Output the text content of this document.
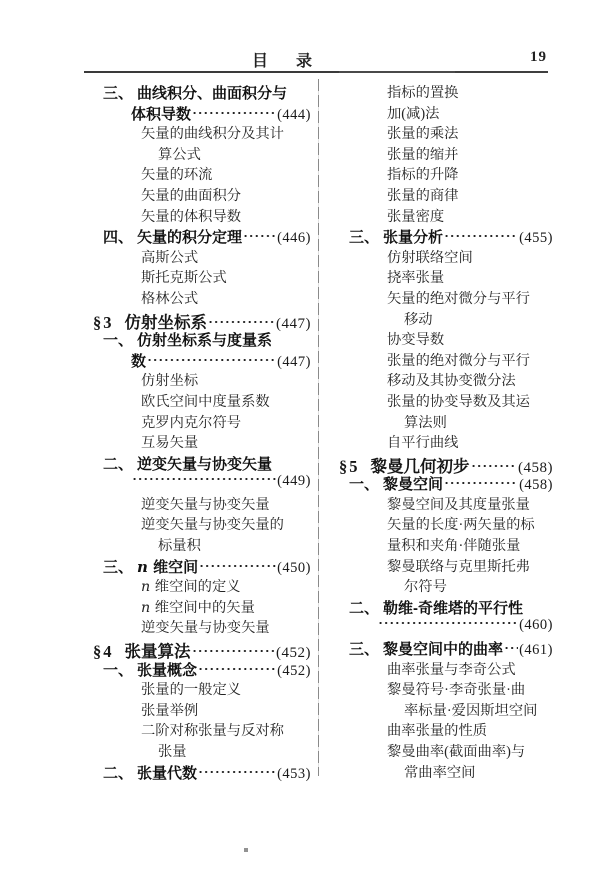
目　录	19
三、 曲线积分、曲面积分与
体积导数	(444)
矢量的曲线积分及其计
算公式
矢量的环流
矢量的曲面积分
矢量的体积导数
四、 矢量的积分定理 (446)
高斯公式
斯托克斯公式
格林公式
§3 仿射坐标系	(447)
一、 仿射坐标系与度量系
数	(447)
仿射坐标
欧氏空间中度量系数
克罗内克尔符号
互易矢量
二、 逆变矢量与协变矢量
(449)
逆变矢量与协变矢量
逆变矢量与协变矢量的
标量积
三、 n 维空间	(450)
n 维空间的定义
n 维空间中的矢量
逆变矢量与协变矢量
§4 张量算法	(452)
一、 张量概念	(452)
张量的一般定义
张量举例
二阶对称张量与反对称
张量
二、 张量代数	(453)
指标的置换
加(减)法
张量的乘法
张量的缩并
指标的升降
张量的商律
张量密度
三、 张量分析	(455)
仿射联络空间
挠率张量
矢量的绝对微分与平行
移动
协变导数
张量的绝对微分与平行
移动及其协变微分法
张量的协变导数及其运
算法则
自平行曲线
§5 黎曼几何初步	(458)
一、 黎曼空间	(458)
黎曼空间及其度量张量
矢量的长度·两矢量的标
量积和夹角·伴随张量
黎曼联络与克里斯托弗
尔符号
二、 勒维-奇维塔的平行性
(460)
三、 黎曼空间中的曲率 (461)
曲率张量与李奇公式
黎曼符号·李奇张量·曲
率标量·爱因斯坦空间
曲率张量的性质
黎曼曲率(截面曲率)与
常曲率空间
